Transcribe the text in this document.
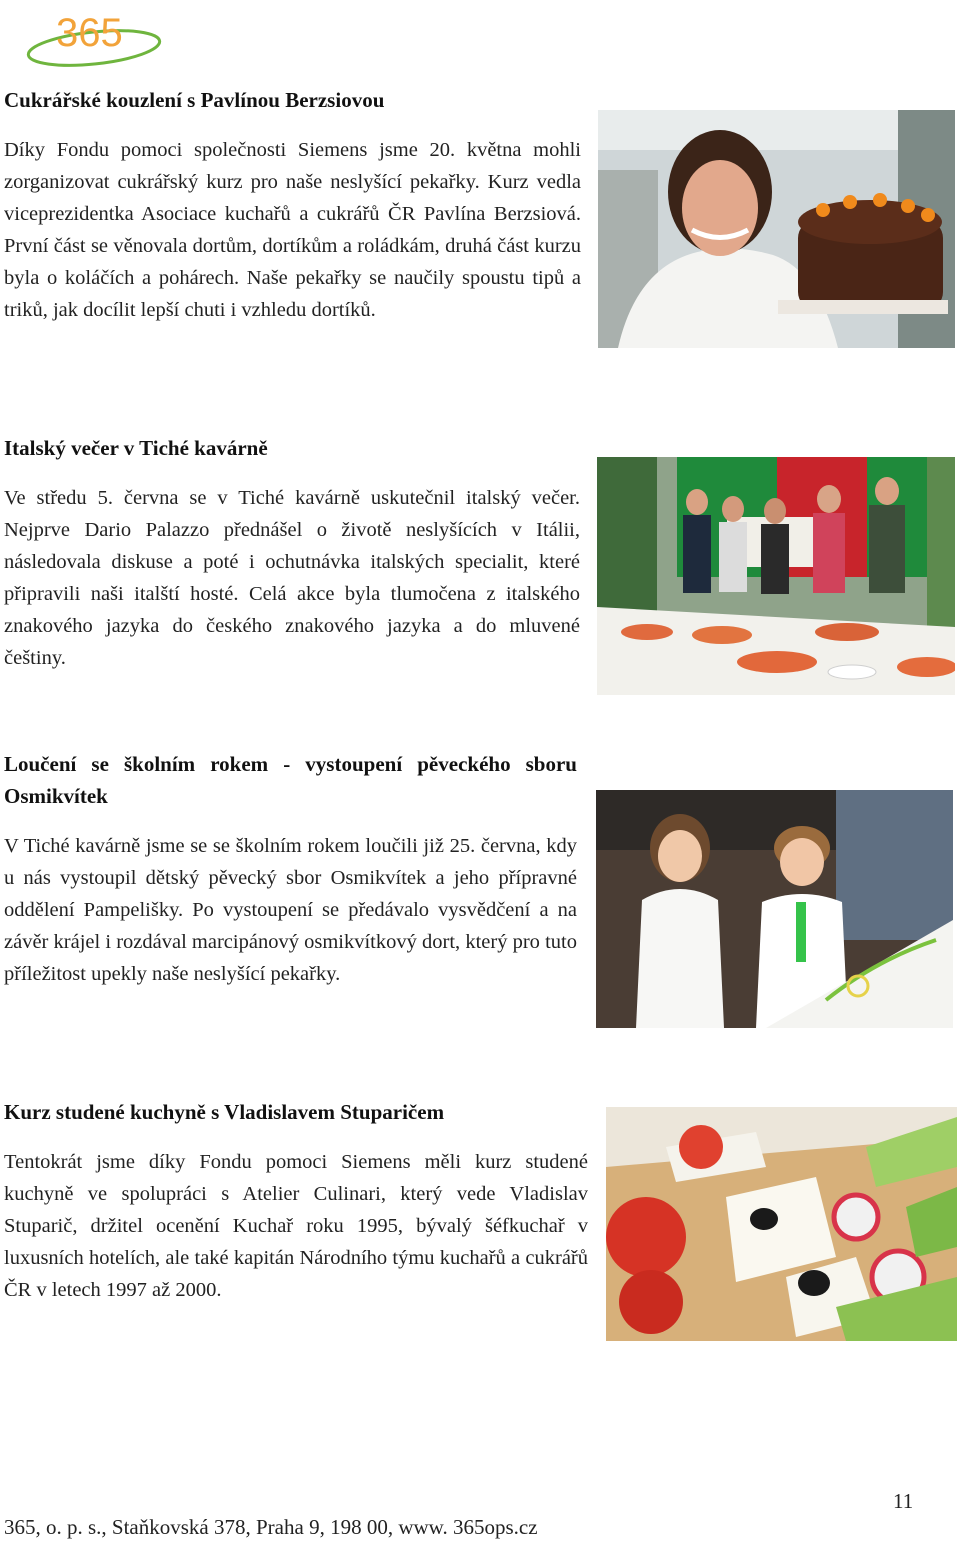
365
Cukrářské kouzlení s Pavlínou Berzsiovou

Díky Fondu pomoci společnosti Siemens jsme 20. května mohli zorganizovat cukrářský kurz pro naše neslyšící pekařky. Kurz vedla viceprezidentka Asociace kuchařů a cukrářů ČR Pavlína Berzsiová. První část se věnovala dortům, dortíkům a roládkám, druhá část kurzu byla o koláčích a pohárech. Naše pekařky se naučily spoustu tipů a triků, jak docílit lepší chuti i vzhledu dortíků.

Italský večer v Tiché kavárně

Ve středu 5. června se v Tiché kavárně uskutečnil italský večer. Nejprve Dario Palazzo přednášel o životě neslyšících v Itálii, následovala diskuse a poté i ochutnávka italských specialit, které připravili naši italští hosté. Celá akce byla tlumočena z italského znakového jazyka do českého znakového jazyka a do mluvené češtiny.

Loučení se školním rokem - vystoupení pěveckého sboru Osmikvítek

V Tiché kavárně jsme se se školním rokem loučili již 25. června, kdy u nás vystoupil dětský pěvecký sbor Osmikvítek a jeho přípravné oddělení Pampelišky. Po vystoupení se předávalo vysvědčení a na závěr krájel i rozdával marcipánový osmikvítkový dort, který pro tuto příležitost upekly naše neslyšící pekařky.

Kurz studené kuchyně s Vladislavem Stuparičem

Tentokrát jsme díky Fondu pomoci Siemens měli kurz studené kuchyně ve spolupráci s Atelier Culinari, který vede Vladislav Stuparič, držitel ocenění Kuchař roku 1995, bývalý šéfkuchař v luxusních hotelích, ale také kapitán Národního týmu kuchařů a cukrářů ČR v letech 1997 až 2000.

365, o. p. s., Staňkovská 378, Praha 9, 198 00, www. 365ops.cz
11
